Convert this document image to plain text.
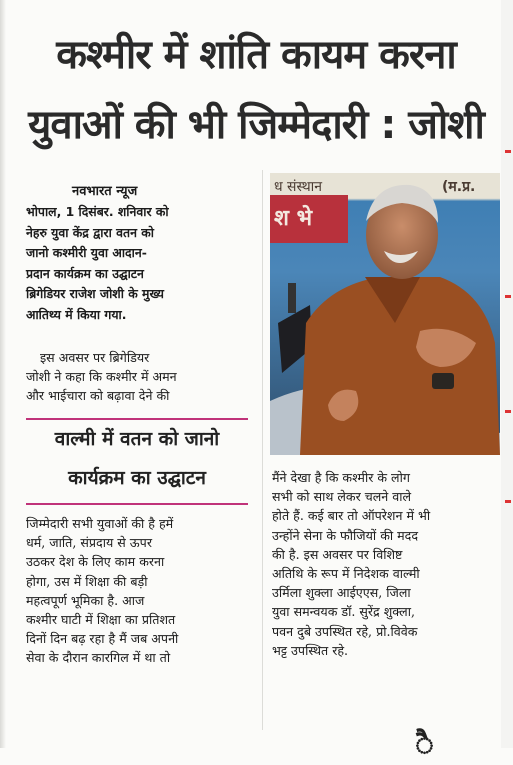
कश्मीर में शांति कायम करना
युवाओं की भी जिम्मेदारी : जोशी
नवभारत न्यूज
भोपाल, 1 दिसंबर. शनिवार को
नेहरु युवा केंद्र द्वारा वतन को
जानो कश्मीरी युवा आदान-
प्रदान कार्यक्रम का उद्घाटन
ब्रिगेडियर राजेश जोशी के मुख्य
आतिथ्य में किया गया.
इस अवसर पर ब्रिगेडियर
जोशी ने कहा कि कश्मीर में अमन
और भाईचारा को बढ़ावा देने की
वाल्मी में वतन को जानो
कार्यक्रम का उद्घाटन
जिम्मेदारी सभी युवाओं की है हमें
धर्म, जाति, संप्रदाय से ऊपर
उठकर देश के लिए काम करना
होगा, उस में शिक्षा की बड़ी
महत्वपूर्ण भूमिका है. आज
कश्मीर घाटी में शिक्षा का प्रतिशत
दिनों दिन बढ़ रहा है मैं जब अपनी
सेवा के दौरान कारगिल में था तो
ध संस्थान	(म.प्र.
श भे
मैंने देखा है कि कश्मीर के लोग
सभी को साथ लेकर चलने वाले
होते हैं. कई बार तो ऑपरेशन में भी
उन्होंने सेना के फौजियों की मदद
की है. इस अवसर पर विशिष्ट
अतिथि के रूप में निदेशक वाल्मी
उर्मिला शुक्ला आईएएस, जिला
युवा समन्वयक डॉ. सुरेंद्र शुक्ला,
पवन दुबे उपस्थित रहे, प्रो.विवेक
भट्ट उपस्थित रहे.
ै
